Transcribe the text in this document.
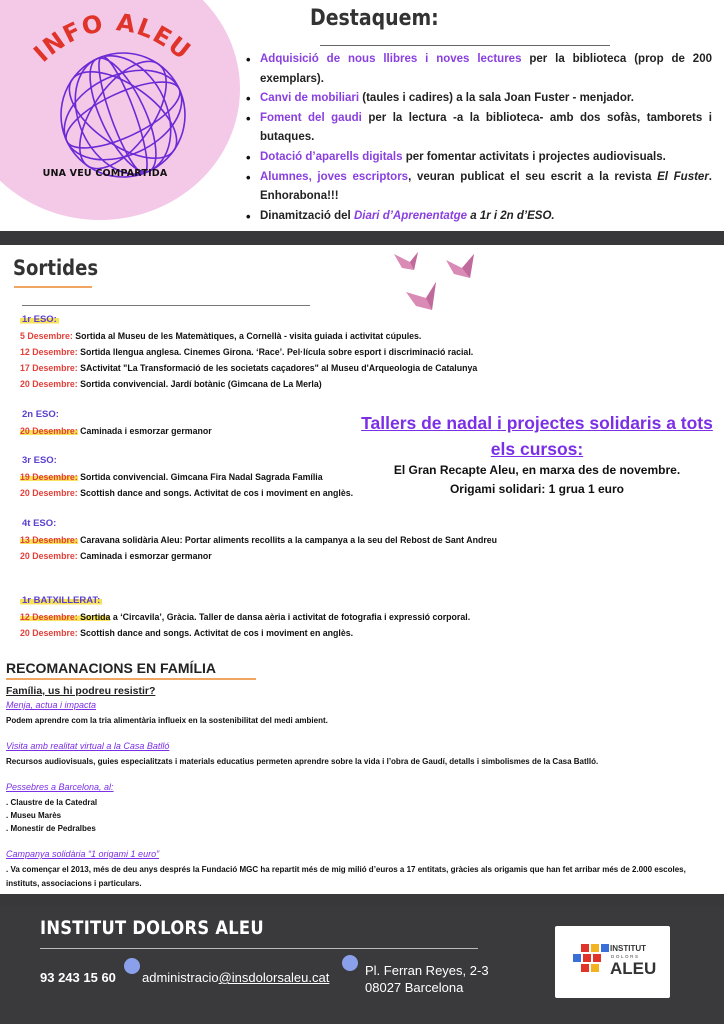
INFO ALEU
UNA VEU COMPARTIDA
Destaquem:
• Adquisició de nous llibres i noves lectures per la biblioteca (prop de 200 exemplars).
• Canvi de mobiliari (taules i cadires) a la sala Joan Fuster - menjador.
• Foment del gaudi per la lectura -a la biblioteca- amb dos sofàs, tamborets i butaques.
• Dotació d’aparells digitals per fomentar activitats i projectes audiovisuals.
• Alumnes, joves escriptors, veuran publicat el seu escrit a la revista El Fuster. Enhorabona!!!
• Dinamització del Diari d’Aprenentatge a 1r i 2n d’ESO.
Sortides
1r ESO:
5 Desembre: Sortida al Museu de les Matemàtiques, a Cornellà - visita guiada i activitat cúpules.
12 Desembre: Sortida llengua anglesa. Cinemes Girona. ‘Race’. Pel·lícula sobre esport i discriminació racial.
17 Desembre: SActivitat "La Transformació de les societats caçadores" al Museu d'Arqueologia de Catalunya
20 Desembre: Sortida convivencial. Jardí botànic (Gimcana de La Merla)
2n ESO:
20 Desembre: Caminada i esmorzar germanor
3r ESO:
19 Desembre: Sortida convivencial. Gimcana Fira Nadal Sagrada Família
20 Desembre: Scottish dance and songs. Activitat de cos i moviment en anglès.
4t ESO:
13 Desembre: Caravana solidària Aleu: Portar aliments recollits a la campanya a la seu del Rebost de Sant Andreu
20 Desembre: Caminada i esmorzar germanor
1r BATXILLERAT:
12 Desembre: Sortida a ‘Circavila’, Gràcia. Taller de dansa aèria i activitat de fotografia i expressió corporal.
20 Desembre: Scottish dance and songs. Activitat de cos i moviment en anglès.
Tallers de nadal i projectes solidaris a tots els cursos:
El Gran Recapte Aleu, en marxa des de novembre.
Origami solidari: 1 grua 1 euro
RECOMANACIONS EN FAMÍLIA
Família, us hi podreu resistir?
Menja, actua i impacta
Podem aprendre com la tria alimentària influeix en la sostenibilitat del medi ambient.
Visita amb realitat virtual a la Casa Batlló
Recursos audiovisuals, guies especialitzats i materials educatius permeten aprendre sobre la vida i l’obra de Gaudí, detalls i simbolismes de la Casa Batlló.
Pessebres a Barcelona, al:
. Claustre de la Catedral
. Museu Marès
. Monestir de Pedralbes
Campanya solidària “1 origami 1 euro”
. Va començar el 2013, més de deu anys després la Fundació MGC ha repartit més de mig milió d’euros a 17 entitats, gràcies als origamis que han fet arribar més de 2.000 escoles, instituts, associacions i particulars.
INSTITUT DOLORS ALEU
93 243 15 60 administracio@insdolorsaleu.cat	Pl. Ferran Reyes, 2-3
08027 Barcelona
INSTITUT
DOLORS
ALEU
